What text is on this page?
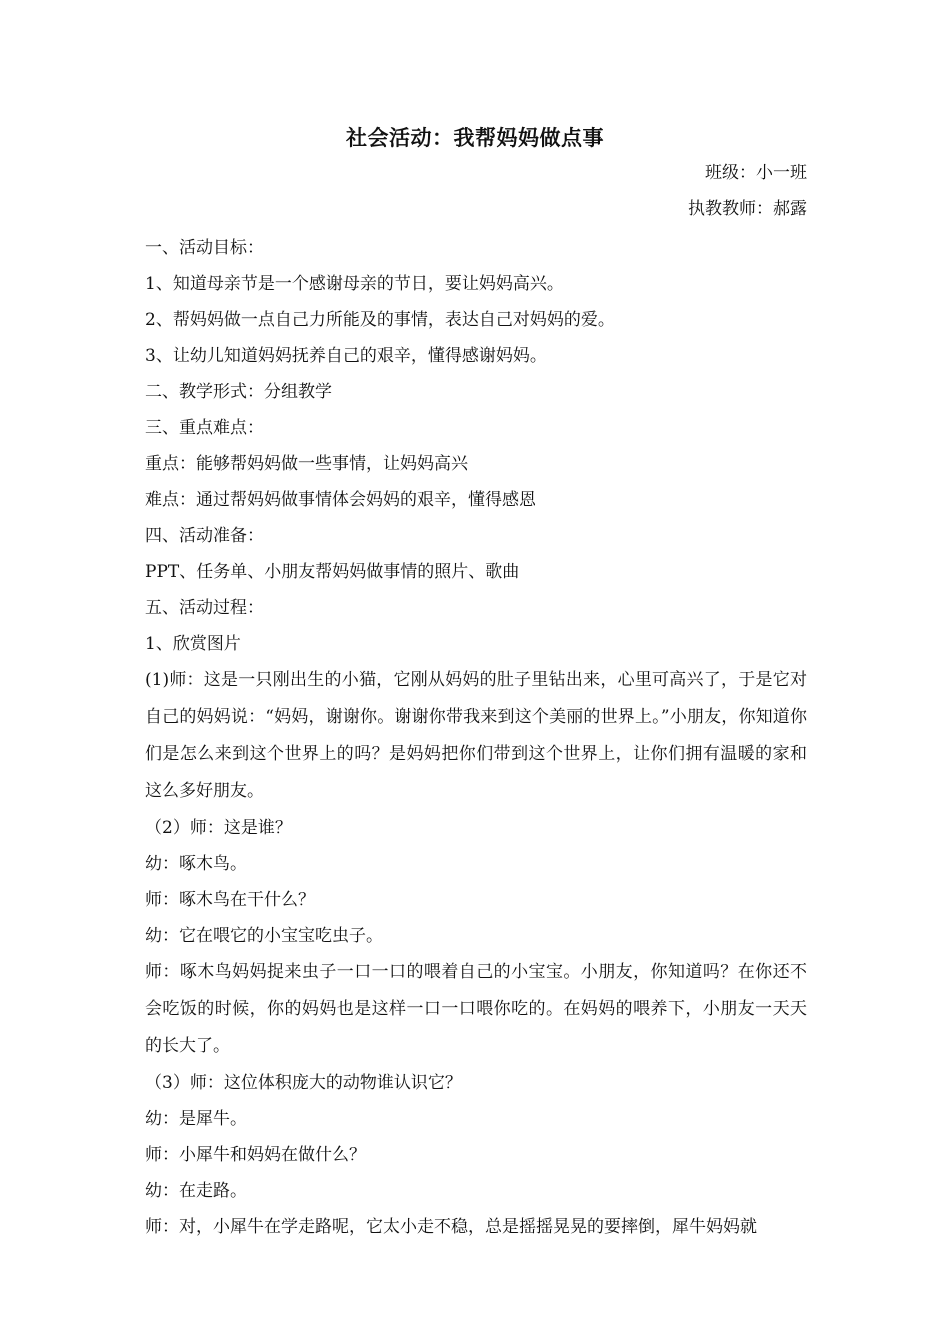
社会活动：我帮妈妈做点事
班级：小一班
执教教师：郝露
一、活动目标：
1、知道母亲节是一个感谢母亲的节日，要让妈妈高兴。
2、帮妈妈做一点自己力所能及的事情，表达自己对妈妈的爱。
3、让幼儿知道妈妈抚养自己的艰辛，懂得感谢妈妈。
二、教学形式：分组教学
三、重点难点：
重点：能够帮妈妈做一些事情，让妈妈高兴
难点：通过帮妈妈做事情体会妈妈的艰辛，懂得感恩
四、活动准备：
PPT、任务单、小朋友帮妈妈做事情的照片、歌曲
五、活动过程：
1、欣赏图片
(1)师：这是一只刚出生的小猫，它刚从妈妈的肚子里钻出来，心里可高兴了，于是它对自己的妈妈说：“妈妈，谢谢你。谢谢你带我来到这个美丽的世界上。”小朋友，你知道你们是怎么来到这个世界上的吗？是妈妈把你们带到这个世界上，让你们拥有温暖的家和这么多好朋友。
（2）师：这是谁？
幼：啄木鸟。
师：啄木鸟在干什么？
幼：它在喂它的小宝宝吃虫子。
师：啄木鸟妈妈捉来虫子一口一口的喂着自己的小宝宝。小朋友，你知道吗？在你还不会吃饭的时候，你的妈妈也是这样一口一口喂你吃的。在妈妈的喂养下，小朋友一天天的长大了。
（3）师：这位体积庞大的动物谁认识它？
幼：是犀牛。
师：小犀牛和妈妈在做什么？
幼：在走路。
师：对，小犀牛在学走路呢，它太小走不稳，总是摇摇晃晃的要摔倒，犀牛妈妈就
